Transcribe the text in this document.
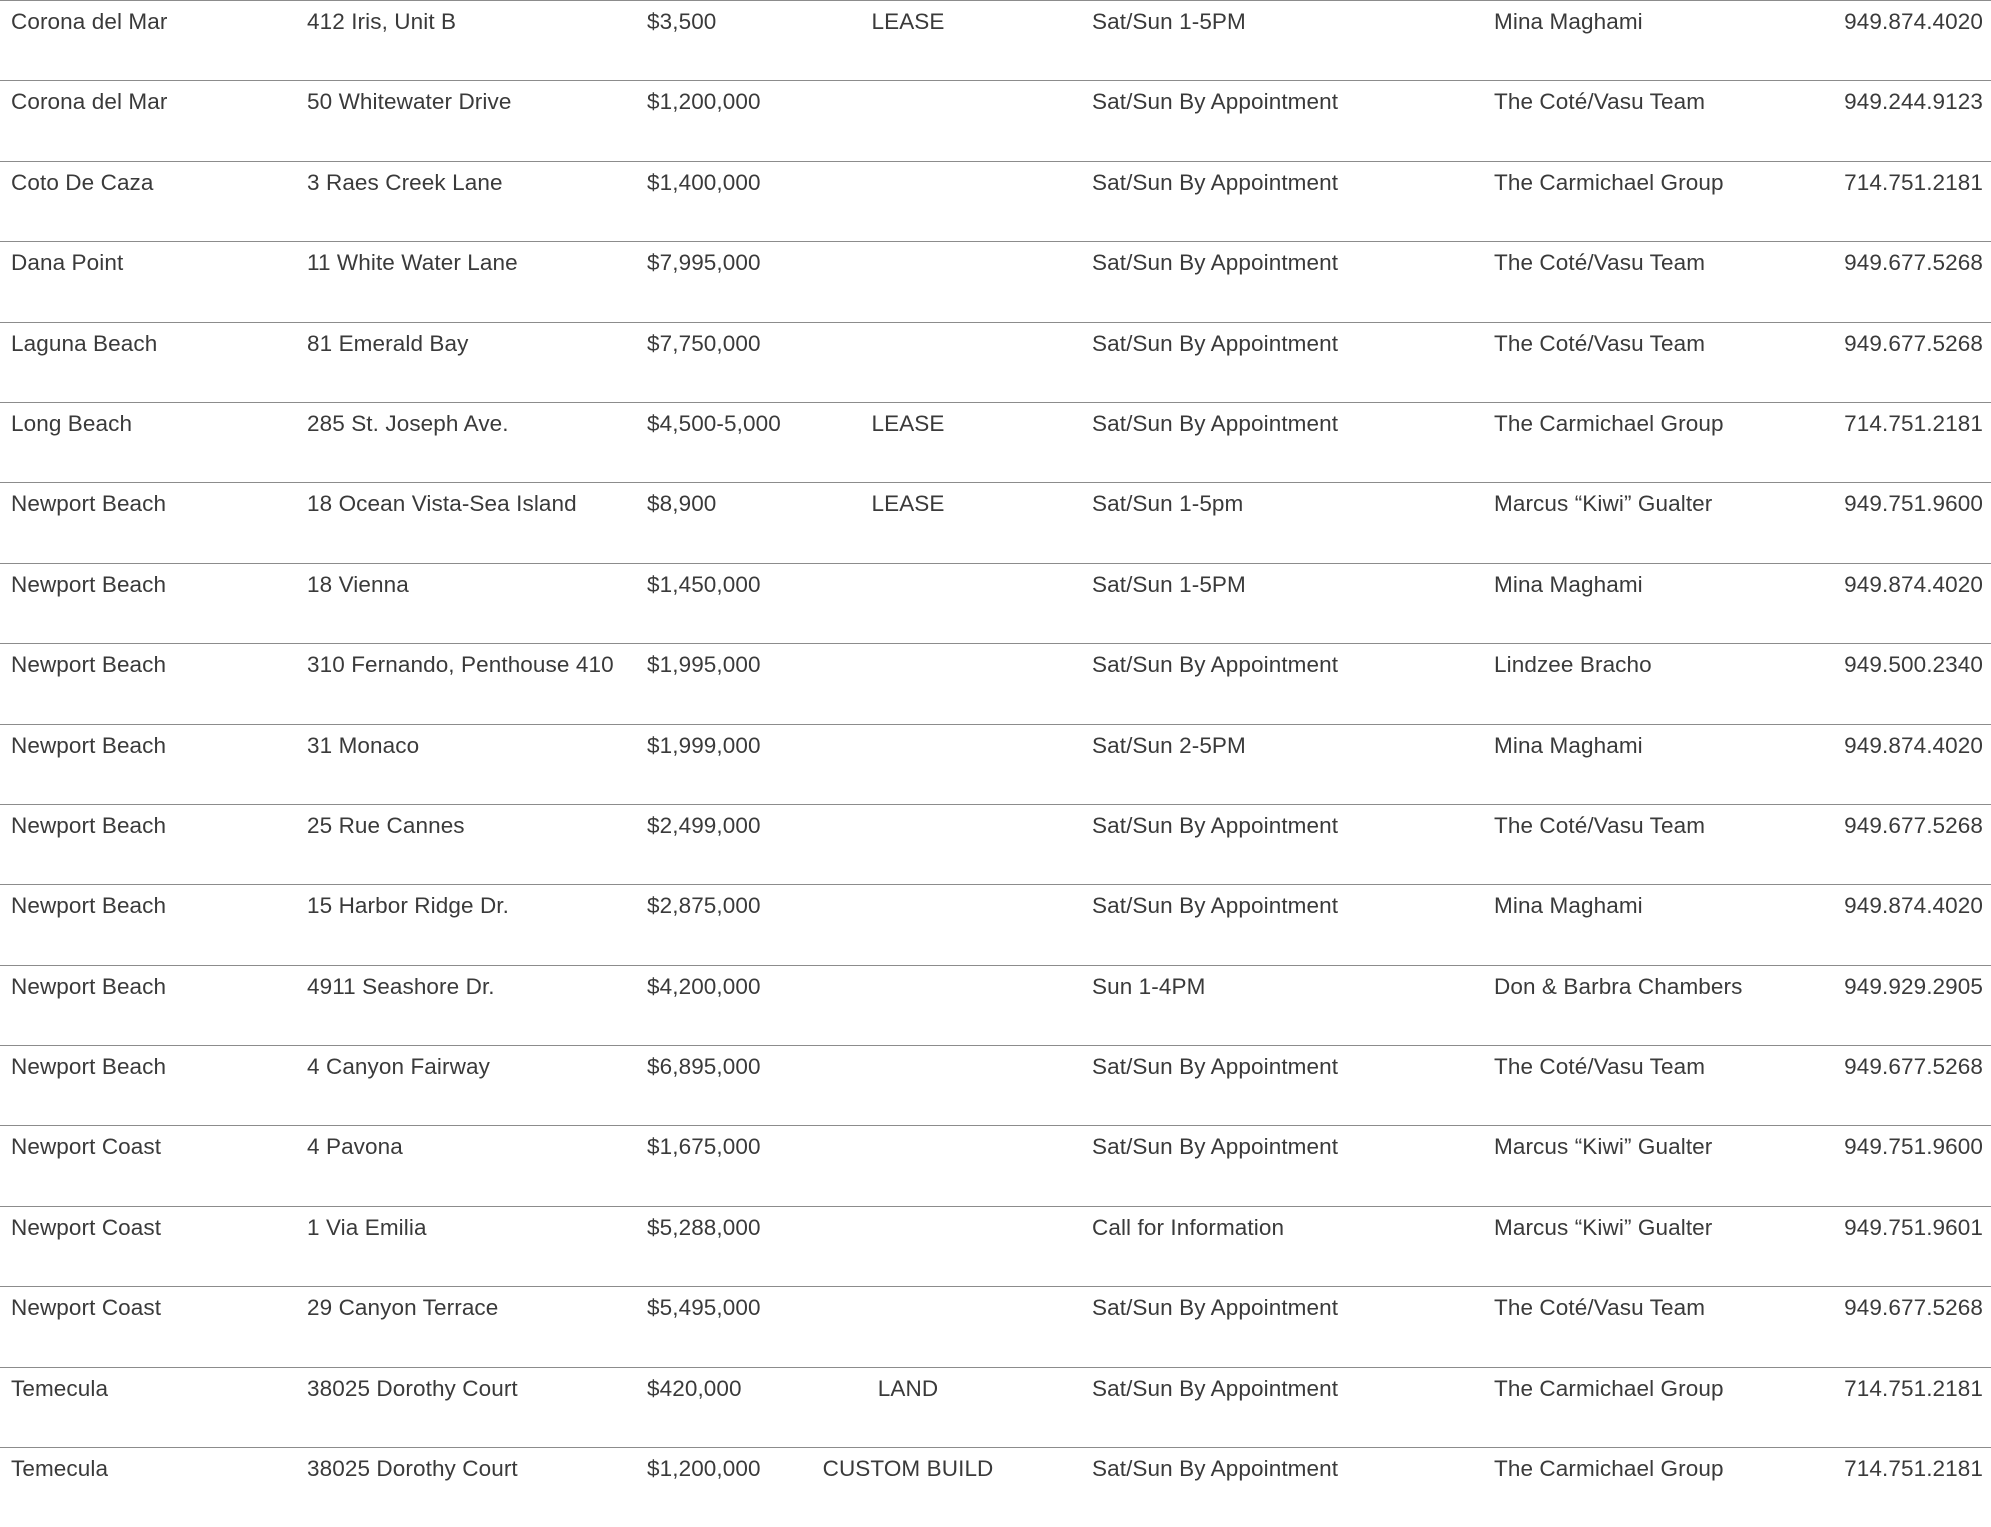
Corona del Mar	412 Iris, Unit B	$3,500	LEASE	Sat/Sun 1-5PM	Mina Maghami	949.874.4020
Corona del Mar	50 Whitewater Drive	$1,200,000	Sat/Sun By Appointment	The Coté/Vasu Team	949.244.9123
Coto De Caza	3 Raes Creek Lane	$1,400,000	Sat/Sun By Appointment	The Carmichael Group	714.751.2181
Dana Point	11 White Water Lane	$7,995,000	Sat/Sun By Appointment	The Coté/Vasu Team	949.677.5268
Laguna Beach	81 Emerald Bay	$7,750,000	Sat/Sun By Appointment	The Coté/Vasu Team	949.677.5268
Long Beach	285 St. Joseph Ave.	$4,500-5,000	LEASE	Sat/Sun By Appointment	The Carmichael Group	714.751.2181
Newport Beach	18 Ocean Vista-Sea Island	$8,900	LEASE	Sat/Sun 1-5pm	Marcus “Kiwi” Gualter	949.751.9600
Newport Beach	18 Vienna	$1,450,000	Sat/Sun 1-5PM	Mina Maghami	949.874.4020
Newport Beach	310 Fernando, Penthouse 410 $1,995,000	Sat/Sun By Appointment	Lindzee Bracho	949.500.2340
Newport Beach	31 Monaco	$1,999,000	Sat/Sun 2-5PM	Mina Maghami	949.874.4020
Newport Beach	25 Rue Cannes	$2,499,000	Sat/Sun By Appointment	The Coté/Vasu Team	949.677.5268
Newport Beach	15 Harbor Ridge Dr.	$2,875,000	Sat/Sun By Appointment	Mina Maghami	949.874.4020
Newport Beach	4911 Seashore Dr.	$4,200,000	Sun 1-4PM	Don & Barbra Chambers	949.929.2905
Newport Beach	4 Canyon Fairway	$6,895,000	Sat/Sun By Appointment	The Coté/Vasu Team	949.677.5268
Newport Coast	4 Pavona	$1,675,000	Sat/Sun By Appointment	Marcus “Kiwi” Gualter	949.751.9600
Newport Coast	1 Via Emilia	$5,288,000	Call for Information	Marcus “Kiwi” Gualter	949.751.9601
Newport Coast	29 Canyon Terrace	$5,495,000	Sat/Sun By Appointment	The Coté/Vasu Team	949.677.5268
Temecula	38025 Dorothy Court	$420,000	LAND	Sat/Sun By Appointment	The Carmichael Group	714.751.2181
Temecula	38025 Dorothy Court	$1,200,000	CUSTOM BUILD	Sat/Sun By Appointment	The Carmichael Group	714.751.2181
